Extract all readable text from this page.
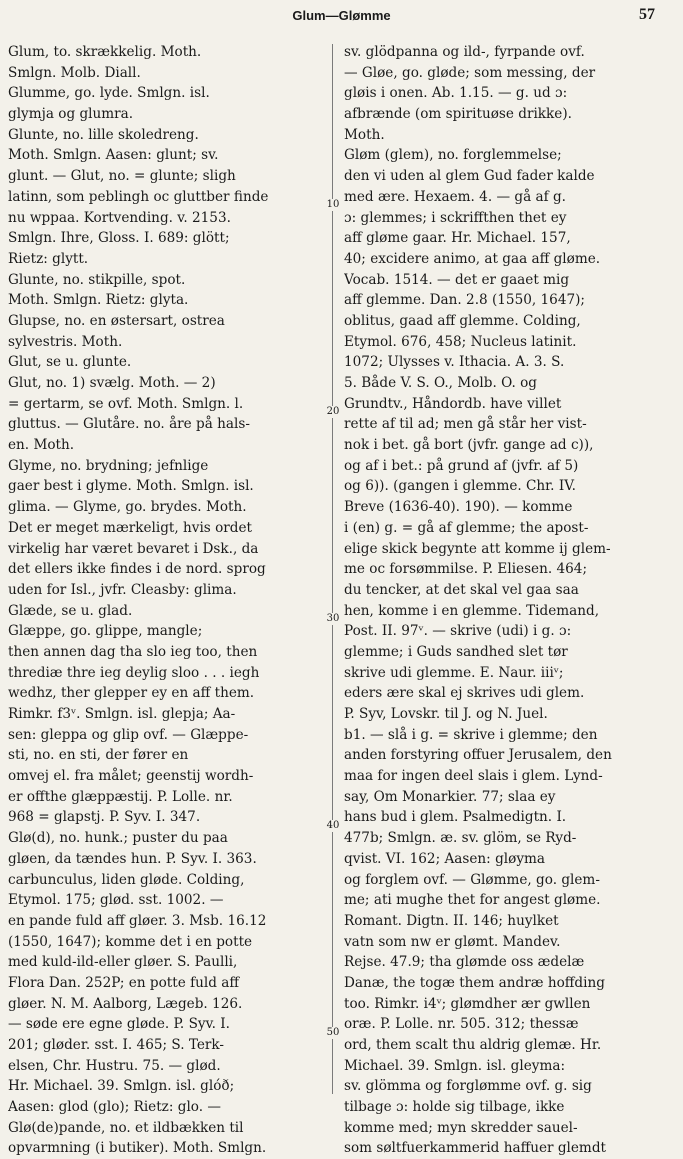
Glum—Glømme	57
10
20
30
40
50
Glum, to. skrækkelig. Moth.
Smlgn. Molb. Diall.
Glumme, go. lyde. Smlgn. isl.
glymja og glumra.
Glunte, no. lille skoledreng.
Moth. Smlgn. Aasen: glunt; sv.
glunt. — Glut, no. = glunte; sligh
latinn, som peblingh oc gluttber finde
nu wppaa. Kortvending. v. 2153.
Smlgn. Ihre, Gloss. I. 689: glött;
Rietz: glytt.
Glunte, no. stikpille, spot.
Moth. Smlgn. Rietz: glyta.
Glupse, no. en østersart, ostrea
sylvestris. Moth.
Glut, se u. glunte.
Glut, no. 1) svælg. Moth. — 2)
= gertarm, se ovf. Moth. Smlgn. l.
gluttus. — Glutåre. no. åre på hals-
en. Moth.
Glyme, no. brydning; jefnlige
gaer best i glyme. Moth. Smlgn. isl.
glima. — Glyme, go. brydes. Moth.
Det er meget mærkeligt, hvis ordet
virkelig har været bevaret i Dsk., da
det ellers ikke findes i de nord. sprog
uden for Isl., jvfr. Cleasby: glima.
Glæde, se u. glad.
Glæppe, go. glippe, mangle;
then annen dag tha slo ieg too, then
thrediæ thre ieg deylig sloo . . . iegh
wedhz, ther glepper ey en aff them.
Rimkr. f3ᵛ. Smlgn. isl. glepja; Aa-
sen: gleppa og glip ovf. — Glæppe-
sti, no. en sti, der fører en
omvej el. fra målet; geenstij wordh-
er offthe glæppæstij. P. Lolle. nr.
968 = glapstj. P. Syv. I. 347.
Glø(d), no. hunk.; puster du paa
gløen, da tændes hun. P. Syv. I. 363.
carbunculus, liden gløde. Colding,
Etymol. 175; glød. sst. 1002. —
en pande fuld aff gløer. 3. Msb. 16.12
(1550, 1647); komme det i en potte
med kuld-ild-eller gløer. S. Paulli,
Flora Dan. 252P; en potte fuld aff
gløer. N. M. Aalborg, Lægeb. 126.
— søde ere egne gløde. P. Syv. I.
201; gløder. sst. I. 465; S. Terk-
elsen, Chr. Hustru. 75. — glød.
Hr. Michael. 39. Smlgn. isl. glóð;
Aasen: glod (glo); Rietz: glo. —
Glø(de)pande, no. et ildbækken til
opvarmning (i butiker). Moth. Smlgn.
sv. glödpanna og ild-, fyrpande ovf.
— Gløe, go. gløde; som messing, der
gløis i onen. Ab. 1.15. — g. ud ɔ:
afbrænde (om spirituøse drikke).
Moth.
Gløm (glem), no. forglemmelse;
den vi uden al glem Gud fader kalde
med ære. Hexaem. 4. — gå af g.
ɔ: glemmes; i sckriffthen thet ey
aff gløme gaar. Hr. Michael. 157,
40; excidere animo, at gaa aff gløme.
Vocab. 1514. — det er gaaet mig
aff glemme. Dan. 2.8 (1550, 1647);
oblitus, gaad aff glemme. Colding,
Etymol. 676, 458; Nucleus latinit.
1072; Ulysses v. Ithacia. A. 3. S.
5. Både V. S. O., Molb. O. og
Grundtv., Håndordb. have villet
rette af til ad; men gå står her vist-
nok i bet. gå bort (jvfr. gange ad c)),
og af i bet.: på grund af (jvfr. af 5)
og 6)). (gangen i glemme. Chr. IV.
Breve (1636-40). 190). — komme
i (en) g. = gå af glemme; the apost-
elige skick begynte att komme ij glem-
me oc forsømmilse. P. Eliesen. 464;
du tencker, at det skal vel gaa saa
hen, komme i en glemme. Tidemand,
Post. II. 97ᵛ. — skrive (udi) i g. ɔ:
glemme; i Guds sandhed slet tør
skrive udi glemme. E. Naur. iiiᵛ;
eders ære skal ej skrives udi glem.
P. Syv, Lovskr. til J. og N. Juel.
b1. — slå i g. = skrive i glemme; den
anden forstyring offuer Jerusalem, den
maa for ingen deel slais i glem. Lynd-
say, Om Monarkier. 77; slaa ey
hans bud i glem. Psalmedigtn. I.
477b; Smlgn. æ. sv. glöm, se Ryd-
qvist. VI. 162; Aasen: gløyma
og forglem ovf. — Glømme, go. glem-
me; ati mughe thet for angest gløme.
Romant. Digtn. II. 146; huylket
vatn som nw er glømt. Mandev.
Rejse. 47.9; tha glømde oss ædelæ
Danæ, the togæ them andræ hoffding
too. Rimkr. i4ᵛ; glømdher ær gwllen
oræ. P. Lolle. nr. 505. 312; thessæ
ord, them scalt thu aldrig glemæ. Hr.
Michael. 39. Smlgn. isl. gleyma:
sv. glömma og forglømme ovf. g. sig
tilbage ɔ: holde sig tilbage, ikke
komme med; myn skredder sauel-
som søltfuerkammerid haffuer glemdt
